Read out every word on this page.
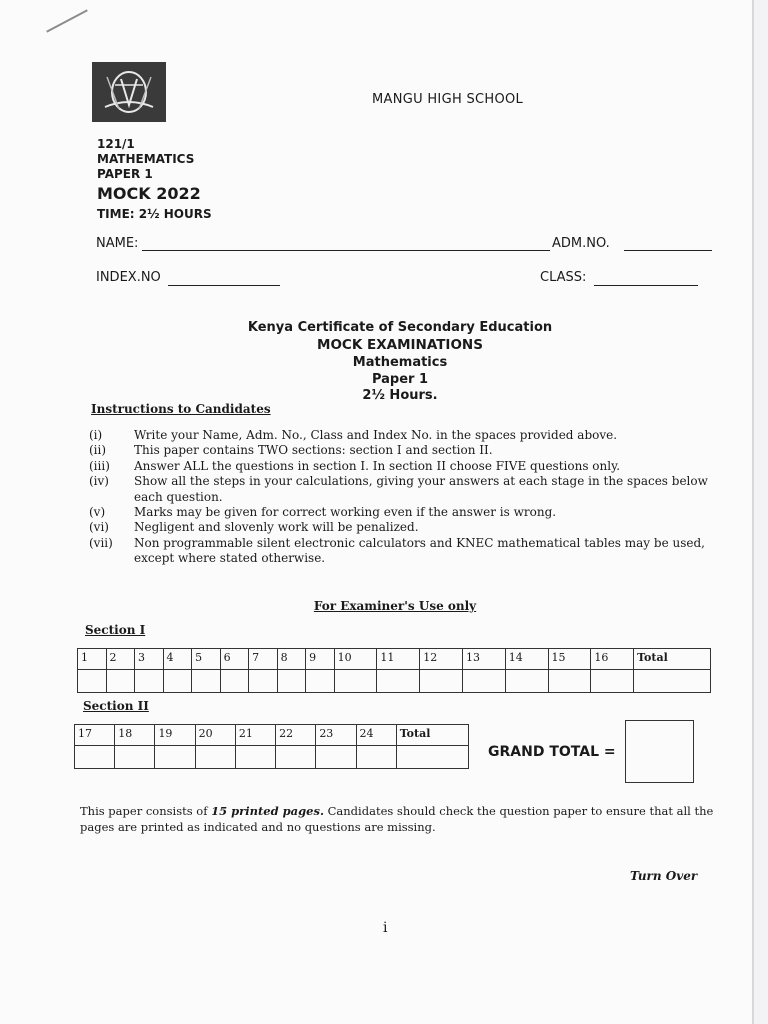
MANGU HIGH SCHOOL
121/1
MATHEMATICS
PAPER 1
MOCK 2022
TIME: 2½ HOURS
NAME:	ADM.NO.
INDEX.NO	CLASS:
Kenya Certificate of Secondary Education
MOCK EXAMINATIONS
Mathematics
Paper 1
2½ Hours.
Instructions to Candidates
(i)	Write your Name, Adm. No., Class and Index No. in the spaces provided above.
(ii)	This paper contains TWO sections: section I and section II.
(iii)	Answer ALL the questions in section I. In section II choose FIVE questions only.
(iv)	Show all the steps in your calculations, giving your answers at each stage in the spaces below each question.
(v)	Marks may be given for correct working even if the answer is wrong.
(vi)	Negligent and slovenly work will be penalized.
(vii)	Non programmable silent electronic calculators and KNEC mathematical tables may be used, except where stated otherwise.
For Examiner's Use only
Section I
1	2	3	4	5	6	7	8	9	10	11	12	13	14	15	16	Total

Section II
17	18	19	20	21	22	23	24	Total

GRAND TOTAL =
This paper consists of 15 printed pages. Candidates should check the question paper to ensure that all the pages are printed as indicated and no questions are missing.
Turn Over
i
